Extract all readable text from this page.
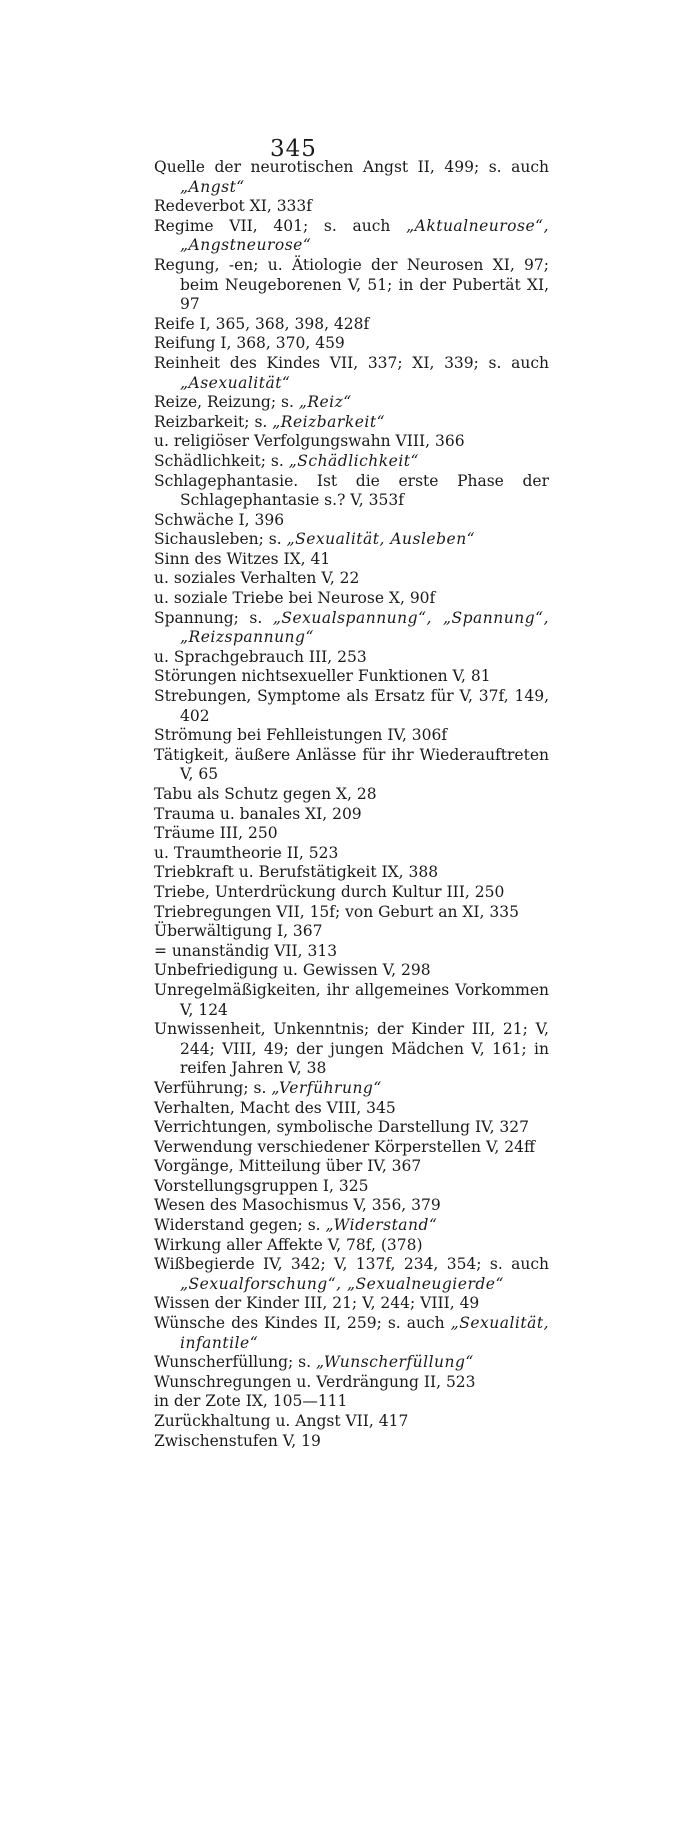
345
Quelle der neurotischen Angst II, 499; s. auch „Angst“
Redeverbot XI, 333f
Regime VII, 401; s. auch „Aktualneurose“, „Angstneurose“
Regung, -en; u. Ätiologie der Neurosen XI, 97; beim Neugeborenen V, 51; in der Pubertät XI, 97
Reife I, 365, 368, 398, 428f
Reifung I, 368, 370, 459
Reinheit des Kindes VII, 337; XI, 339; s. auch „Asexualität“
Reize, Reizung; s. „Reiz“
Reizbarkeit; s. „Reizbarkeit“
u. religiöser Verfolgungswahn VIII, 366
Schädlichkeit; s. „Schädlichkeit“
Schlagephantasie. Ist die erste Phase der Schlagephantasie s.? V, 353f
Schwäche I, 396
Sichausleben; s. „Sexualität, Ausleben“
Sinn des Witzes IX, 41
u. soziales Verhalten V, 22
u. soziale Triebe bei Neurose X, 90f
Spannung; s. „Sexualspannung“, „Spannung“, „Reizspannung“
u. Sprachgebrauch III, 253
Störungen nichtsexueller Funktionen V, 81
Strebungen, Symptome als Ersatz für V, 37f, 149, 402
Strömung bei Fehlleistungen IV, 306f
Tätigkeit, äußere Anlässe für ihr Wiederauftreten V, 65
Tabu als Schutz gegen X, 28
Trauma u. banales XI, 209
Träume III, 250
u. Traumtheorie II, 523
Triebkraft u. Berufstätigkeit IX, 388
Triebe, Unterdrückung durch Kultur III, 250
Triebregungen VII, 15f; von Geburt an XI, 335
Überwältigung I, 367
= unanständig VII, 313
Unbefriedigung u. Gewissen V, 298
Unregelmäßigkeiten, ihr allgemeines Vorkommen V, 124
Unwissenheit, Unkenntnis; der Kinder III, 21; V, 244; VIII, 49; der jungen Mädchen V, 161; in reifen Jahren V, 38
Verführung; s. „Verführung“
Verhalten, Macht des VIII, 345
Verrichtungen, symbolische Darstellung IV, 327
Verwendung verschiedener Körperstellen V, 24ff
Vorgänge, Mitteilung über IV, 367
Vorstellungsgruppen I, 325
Wesen des Masochismus V, 356, 379
Widerstand gegen; s. „Widerstand“
Wirkung aller Affekte V, 78f, (378)
Wißbegierde IV, 342; V, 137f, 234, 354; s. auch „Sexualforschung“, „Sexualneugierde“
Wissen der Kinder III, 21; V, 244; VIII, 49
Wünsche des Kindes II, 259; s. auch „Sexualität, infantile“
Wunscherfüllung; s. „Wunscherfüllung“
Wunschregungen u. Verdrängung II, 523
in der Zote IX, 105—111
Zurückhaltung u. Angst VII, 417
Zwischenstufen V, 19
